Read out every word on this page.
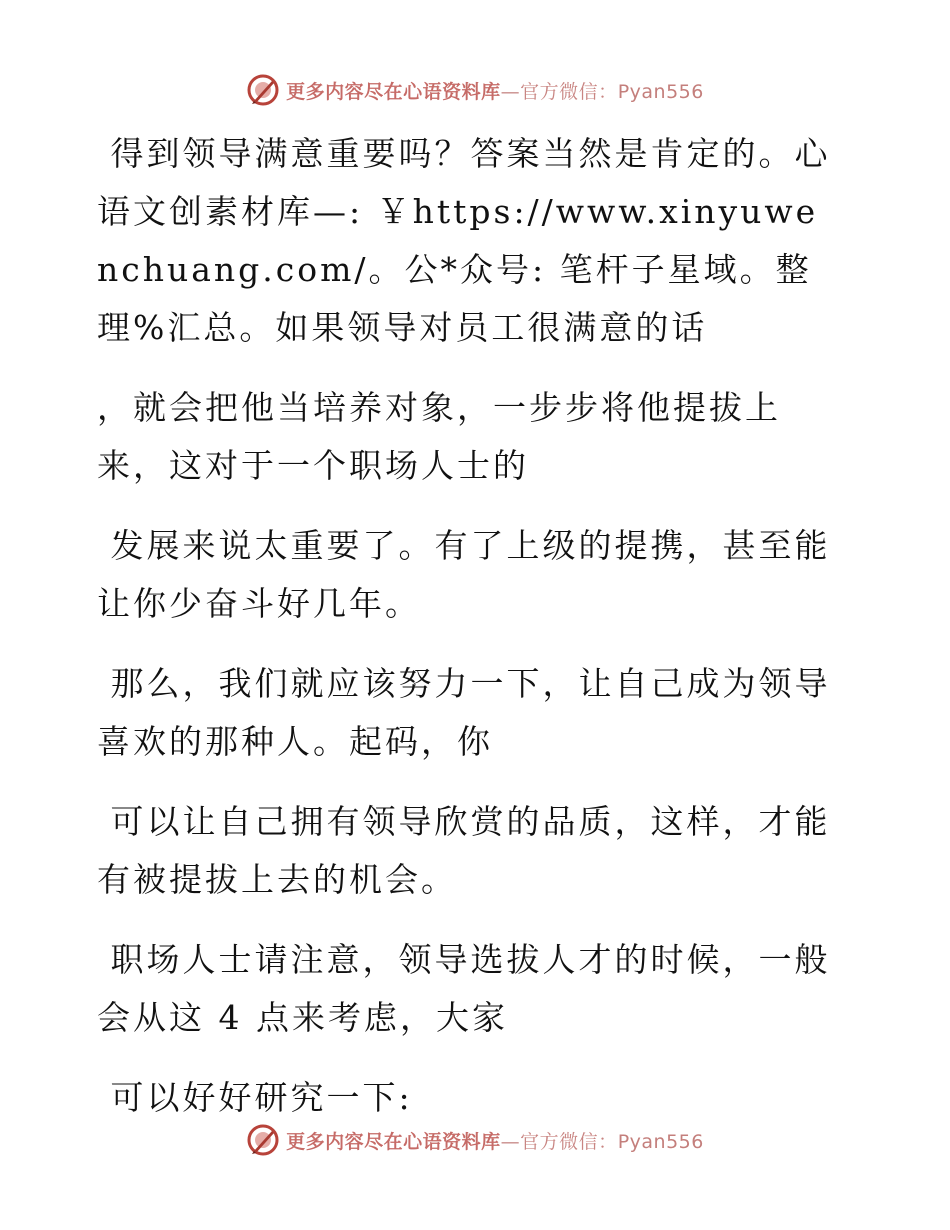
更多内容尽在心语资料库—官方微信：Pyan556

得到领导满意重要吗？答案当然是肯定的。心语文创素材库—: ￥https://www.xinyuwenchuang.com/。公*众号: 笔杆子星域。整理%汇总。如果领导对员工很满意的话

，就会把他当培养对象，一步步将他提拔上来，这对于一个职场人士的

发展来说太重要了。有了上级的提携，甚至能让你少奋斗好几年。

那么，我们就应该努力一下，让自己成为领导喜欢的那种人。起码，你

可以让自己拥有领导欣赏的品质，这样，才能有被提拔上去的机会。

职场人士请注意，领导选拔人才的时候，一般会从这 4 点来考虑，大家

可以好好研究一下:

更多内容尽在心语资料库—官方微信：Pyan556
